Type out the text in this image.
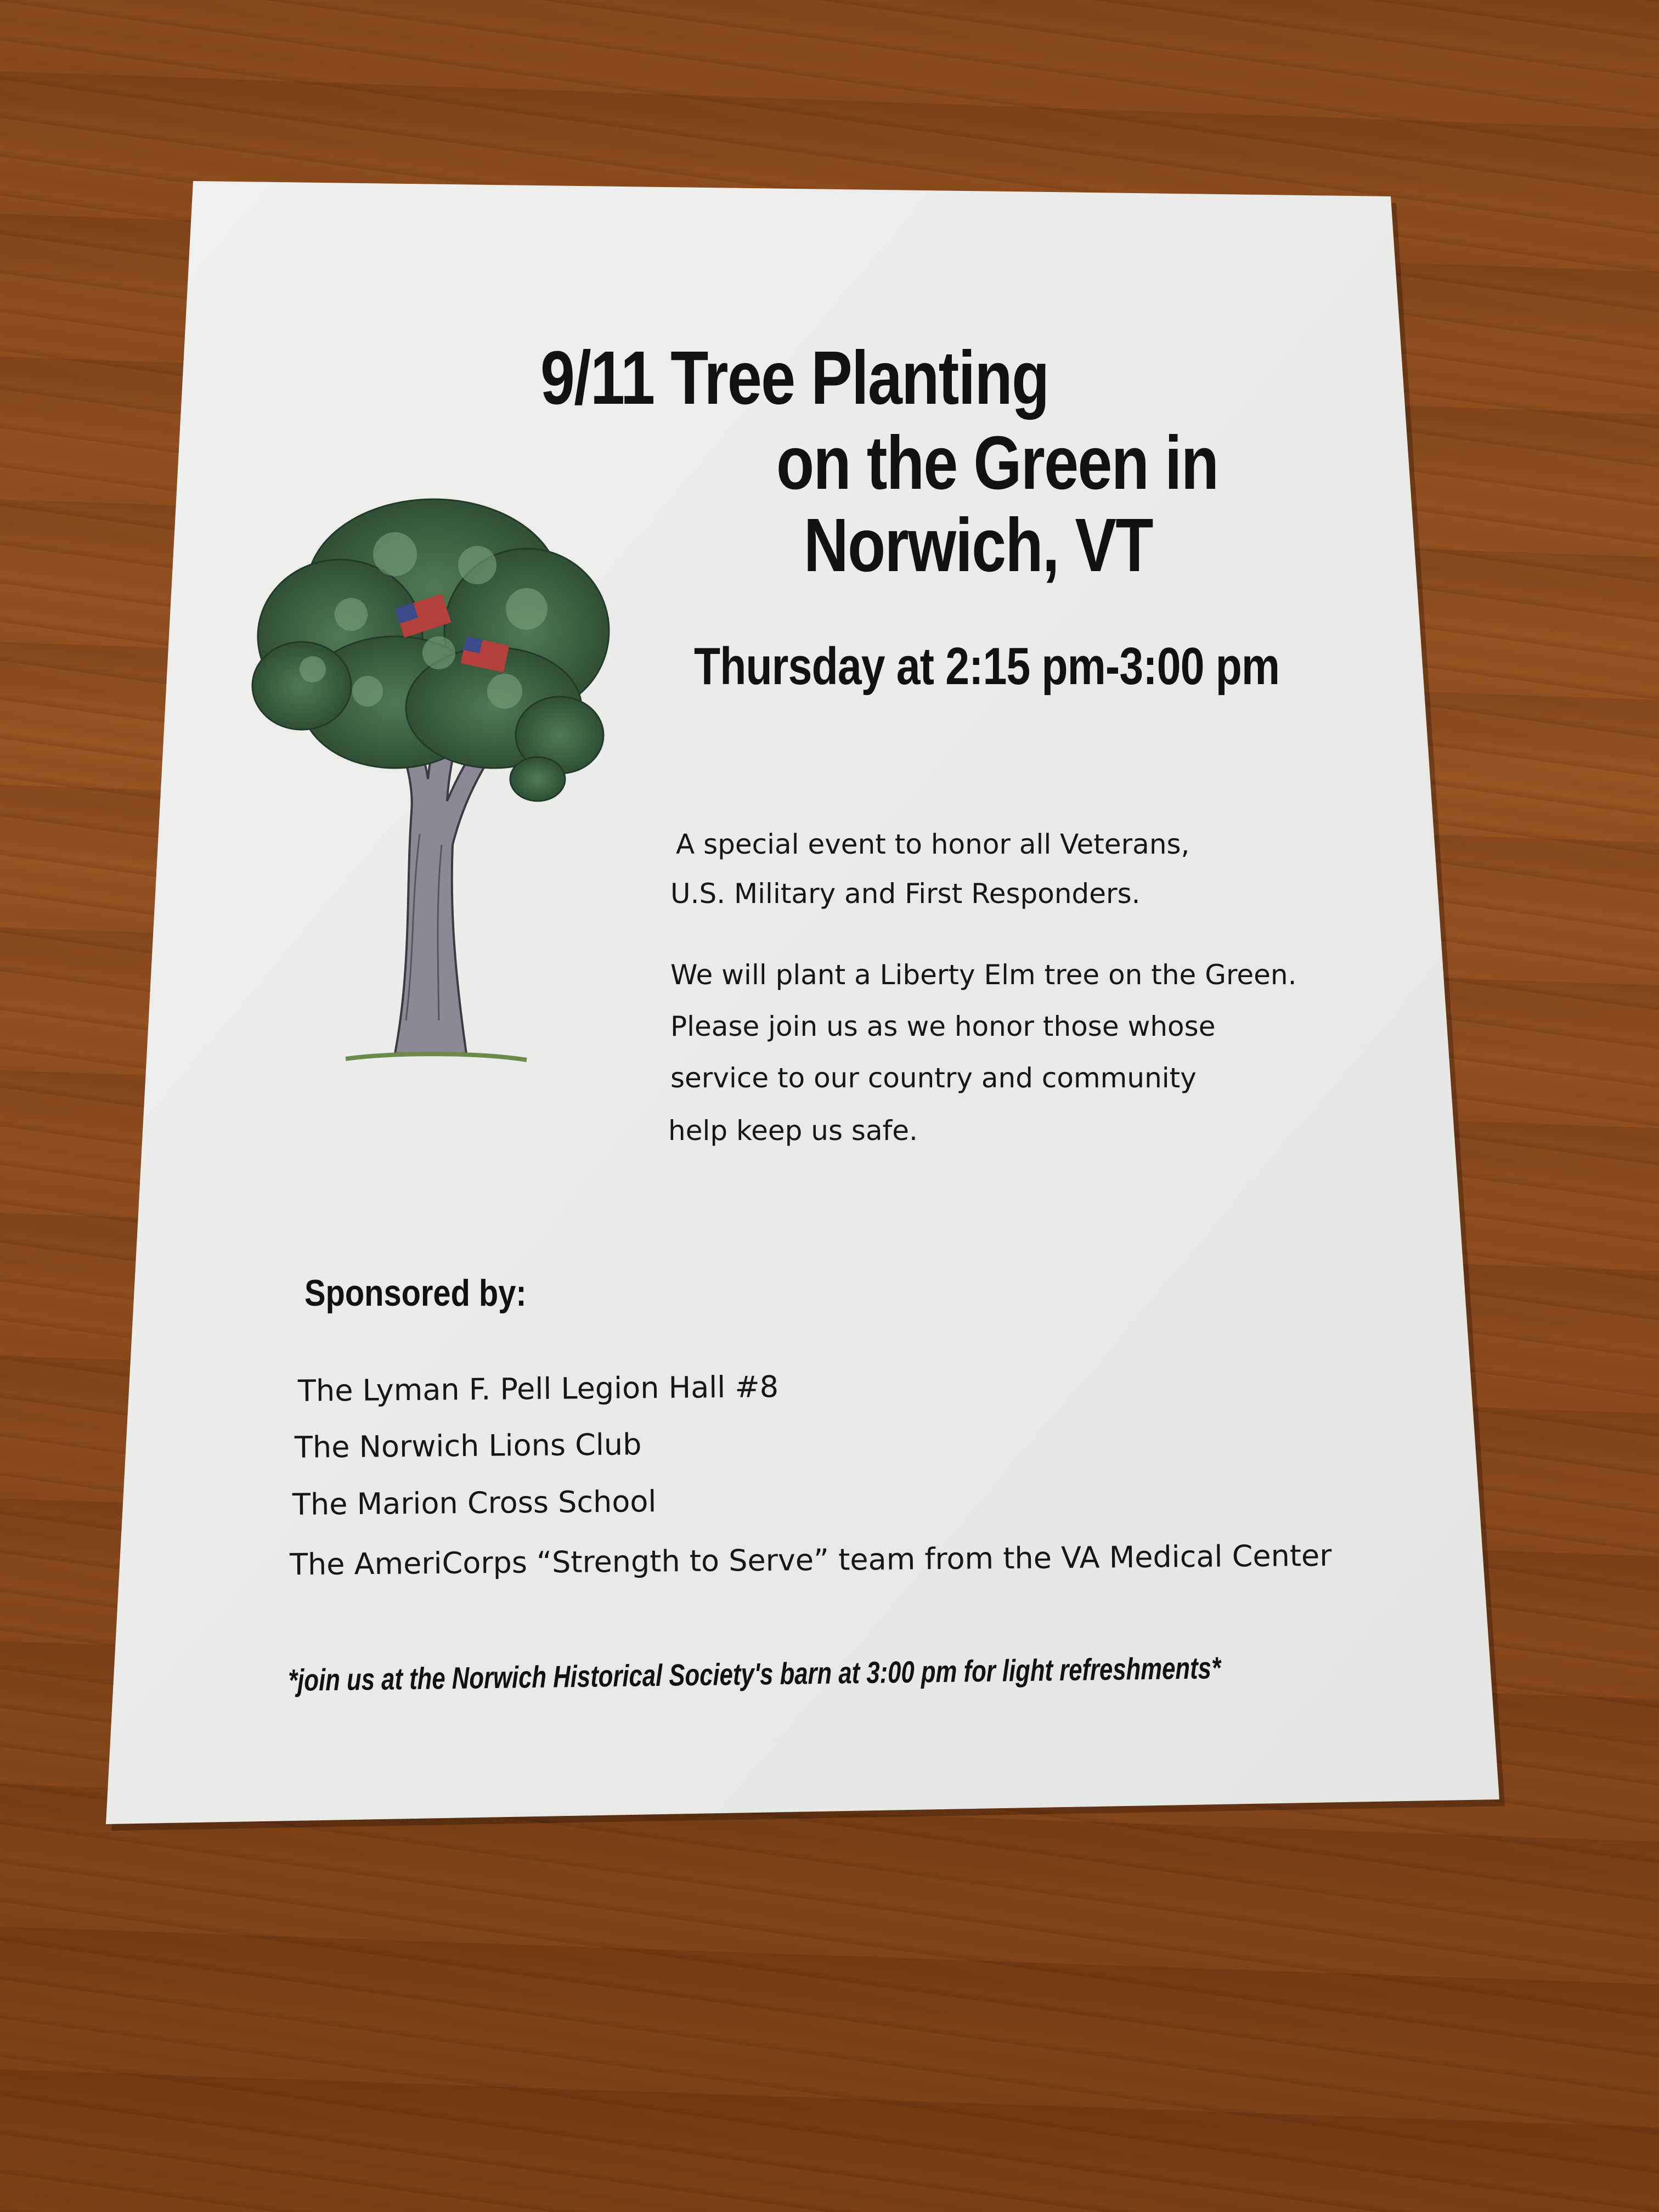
9/11 Tree Planting
on the Green in
Norwich, VT
Thursday at 2:15 pm-3:00 pm
A special event to honor all Veterans,
U.S. Military and First Responders.
We will plant a Liberty Elm tree on the Green.
Please join us as we honor those whose
service to our country and community
help keep us safe.
Sponsored by:
The Lyman F. Pell Legion Hall #8
The Norwich Lions Club
The Marion Cross School
The AmeriCorps “Strength to Serve” team from the VA Medical Center
*join us at the Norwich Historical Society's barn at 3:00 pm for light refreshments*
